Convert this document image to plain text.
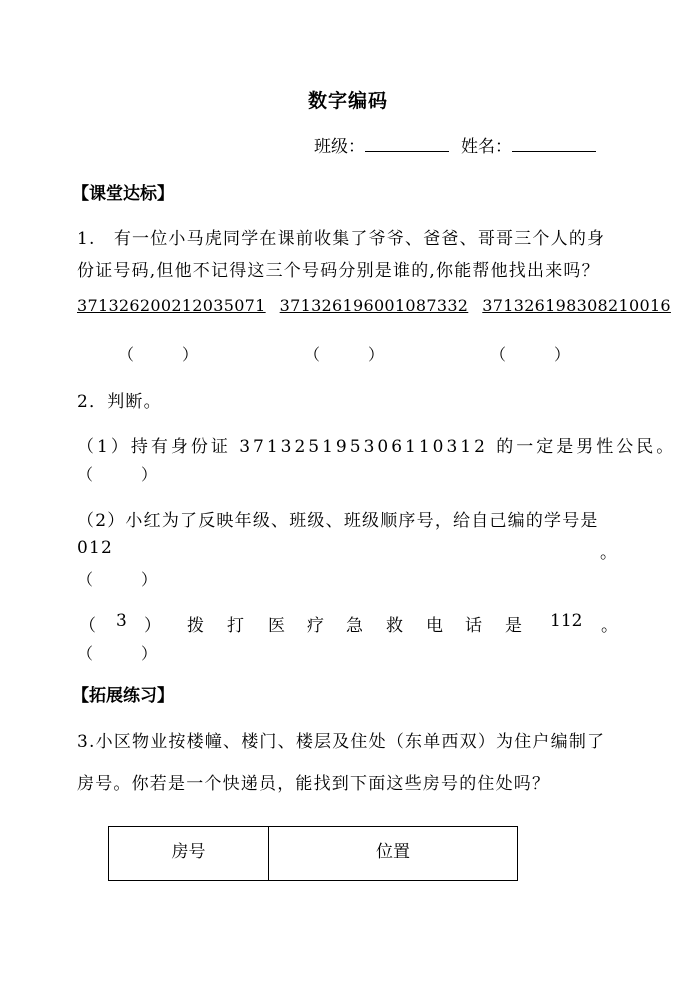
数字编码
班级：	姓名：
【课堂达标】
1.　有一位小马虎同学在课前收集了爷爷、爸爸、哥哥三个人的身
份证号码,但他不记得这三个号码分别是谁的,你能帮他找出来吗？
371326200212035071 371326196001087332 371326198308210016
（　　　）	（　　　）	（　　　）
2．判断。
（1）持有身份证 371325195306110312 的一定是男性公民。
（　　　）
（2）小红为了反映年级、班级、班级顺序号，给自己编的学号是
012	。
（　　　）
（ 3 ） 拨 打 医 疗 急 救 电 话 是 112 。
（　　　）
【拓展练习】
3.小区物业按楼幢、楼门、楼层及住处（东单西双）为住户编制了
房号。你若是一个快递员，能找到下面这些房号的住处吗？
房号	位置
